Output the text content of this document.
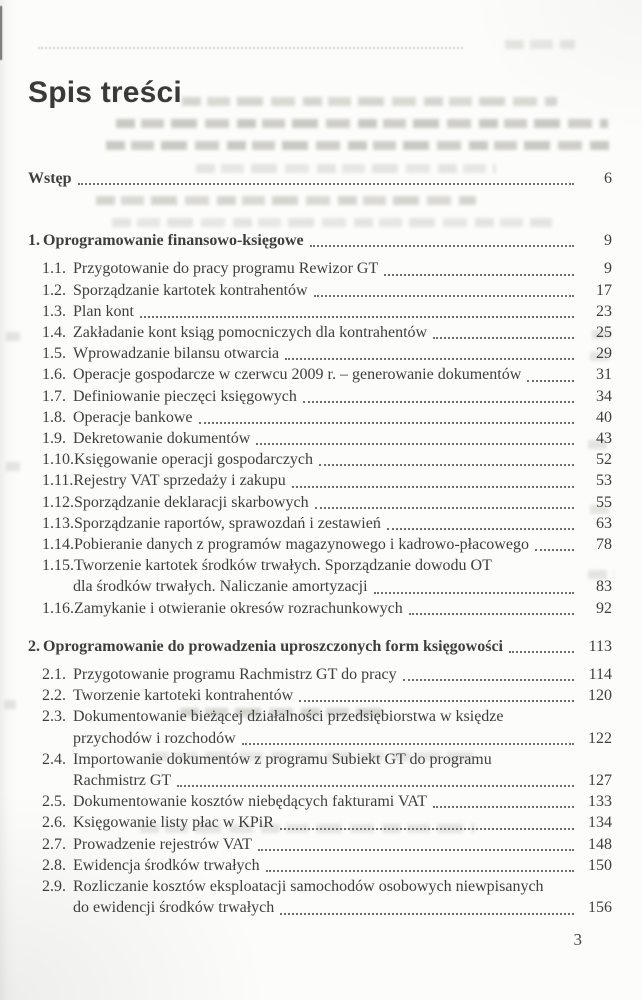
Spis treści
Wstęp	6
1. Oprogramowanie finansowo-księgowe	9
1.1. Przygotowanie do pracy programu Rewizor GT	9
1.2. Sporządzanie kartotek kontrahentów	17
1.3. Plan kont	23
1.4. Zakładanie kont ksiąg pomocniczych dla kontrahentów	25
1.5. Wprowadzanie bilansu otwarcia	29
1.6. Operacje gospodarcze w czerwcu 2009 r. – generowanie dokumentów	31
1.7. Definiowanie pieczęci księgowych	34
1.8. Operacje bankowe	40
1.9. Dekretowanie dokumentów	43
1.10. Księgowanie operacji gospodarczych	52
1.11. Rejestry VAT sprzedaży i zakupu	53
1.12. Sporządzanie deklaracji skarbowych	55
1.13. Sporządzanie raportów, sprawozdań i zestawień	63
1.14. Pobieranie danych z programów magazynowego i kadrowo-płacowego	78
1.15. Tworzenie kartotek środków trwałych. Sporządzanie dowodu OT
dla środków trwałych. Naliczanie amortyzacji	83
1.16. Zamykanie i otwieranie okresów rozrachunkowych	92
2. Oprogramowanie do prowadzenia uproszczonych form księgowości	113
2.1. Przygotowanie programu Rachmistrz GT do pracy	114
2.2. Tworzenie kartoteki kontrahentów	120
2.3. Dokumentowanie bieżącej działalności przedsiębiorstwa w księdze
przychodów i rozchodów	122
2.4. Importowanie dokumentów z programu Subiekt GT do programu
Rachmistrz GT	127
2.5. Dokumentowanie kosztów niebędących fakturami VAT	133
2.6. Księgowanie listy płac w KPiR	134
2.7. Prowadzenie rejestrów VAT	148
2.8. Ewidencja środków trwałych	150
2.9. Rozliczanie kosztów eksploatacji samochodów osobowych niewpisanych
do ewidencji środków trwałych	156
3
